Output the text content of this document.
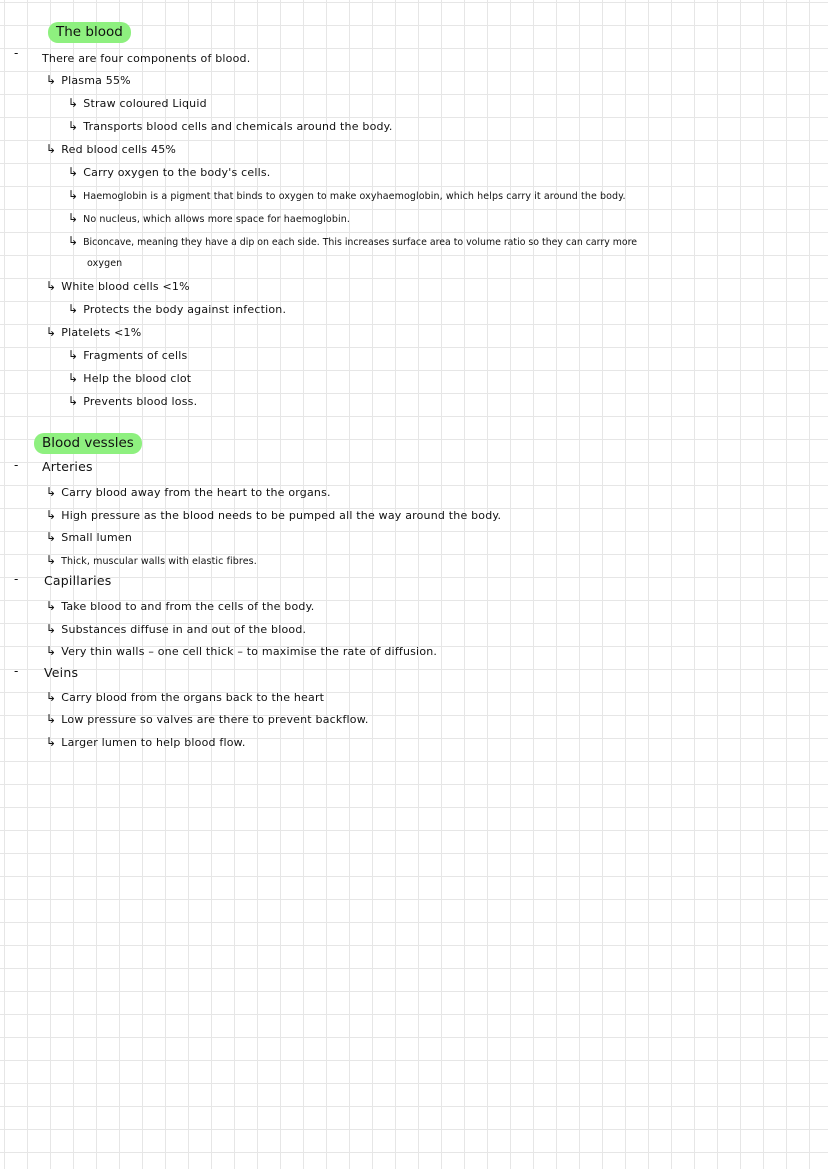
-
The blood
There are four components of blood.
↳ Plasma 55%
↳ Straw coloured Liquid
↳ Transports blood cells and chemicals around the body.
↳ Red blood cells 45%
↳ Carry oxygen to the body's cells.
↳ Haemoglobin is a pigment that binds to oxygen to make oxyhaemoglobin, which helps carry it around the body.
↳ No nucleus, which allows more space for haemoglobin.
↳ Biconcave, meaning they have a dip on each side. This increases surface area to volume ratio so they can carry more
oxygen
↳ White blood cells <1%
↳ Protects the body against infection.
↳ Platelets <1%
↳ Fragments of cells
↳ Help the blood clot
↳ Prevents blood loss.
Blood vessles
- Arteries
↳ Carry blood away from the heart to the organs.
↳ High pressure as the blood needs to be pumped all the way around the body.
↳ Small lumen
↳ Thick, muscular walls with elastic fibres.
- Capillaries
↳ Take blood to and from the cells of the body.
↳ Substances diffuse in and out of the blood.
↳ Very thin walls – one cell thick – to maximise the rate of diffusion.
- Veins
↳ Carry blood from the organs back to the heart
↳ Low pressure so valves are there to prevent backflow.
↳ Larger lumen to help blood flow.
